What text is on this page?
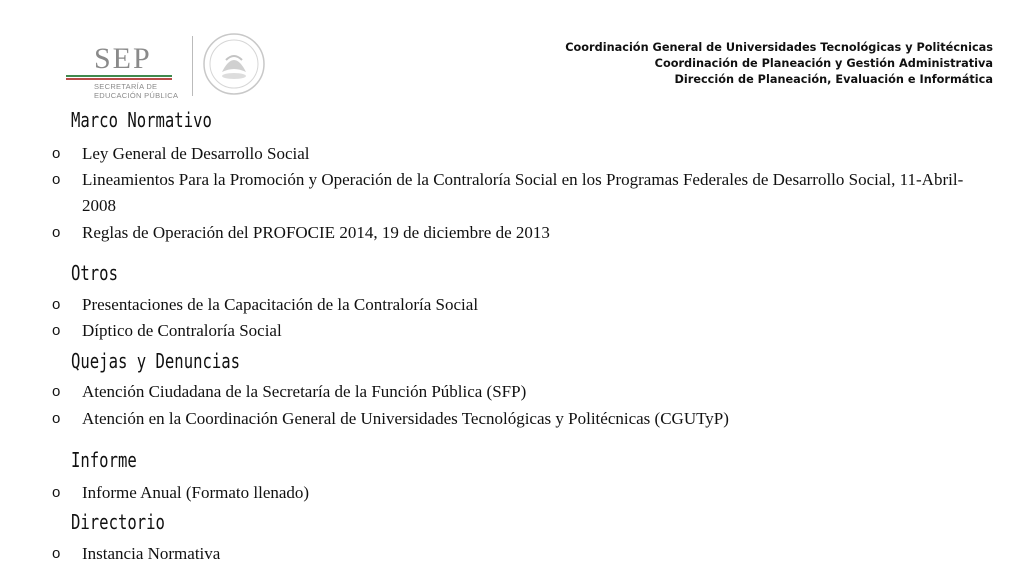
SEP
SECRETARÍA DE
EDUCACIÓN PÚBLICA
Coordinación General de Universidades Tecnológicas y Politécnicas
Coordinación de Planeación y Gestión Administrativa
Dirección de Planeación, Evaluación e Informática
Marco Normativo
o Ley General de Desarrollo Social
o Lineamientos Para la Promoción y Operación de la Contraloría Social en los Programas Federales de Desarrollo Social, 11-Abril-2008
o Reglas de Operación del PROFOCIE 2014, 19 de diciembre de 2013
Otros
o Presentaciones de la Capacitación de la Contraloría Social
o Díptico de Contraloría Social
Quejas y Denuncias
o Atención Ciudadana de la Secretaría de la Función Pública (SFP)
o Atención en la Coordinación General de Universidades Tecnológicas y Politécnicas (CGUTyP)
Informe
o Informe Anual (Formato llenado)
Directorio
o Instancia Normativa
